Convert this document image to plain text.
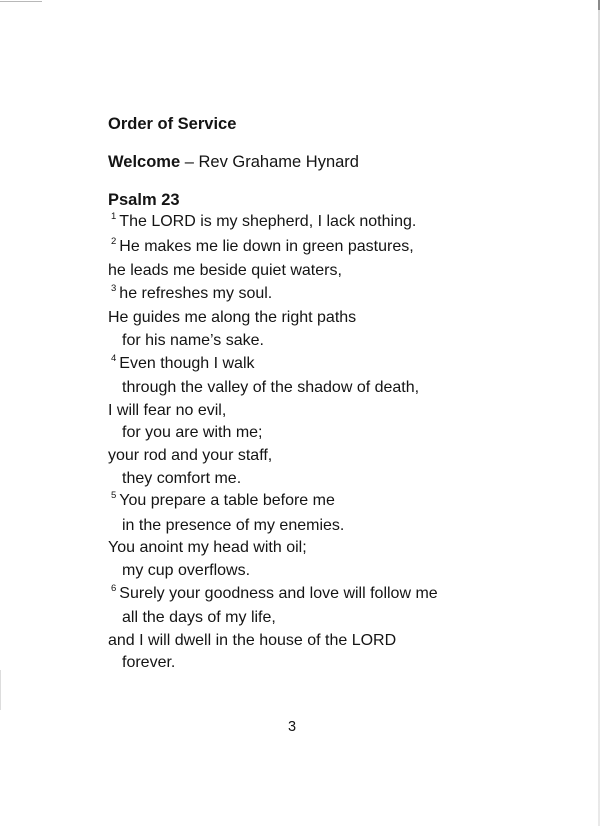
Order of Service
Welcome – Rev Grahame Hynard
Psalm 23
$^1$ The LORD is my shepherd, I lack nothing.
$^2$ He makes me lie down in green pastures,
he leads me beside quiet waters,
$^3$ he refreshes my soul.
He guides me along the right paths
for his name’s sake.
$^4$ Even though I walk
through the valley of the shadow of death,
I will fear no evil,
for you are with me;
your rod and your staff,
they comfort me.
$^5$ You prepare a table before me
in the presence of my enemies.
You anoint my head with oil;
my cup overflows.
$^6$ Surely your goodness and love will follow me
all the days of my life,
and I will dwell in the house of the LORD
forever.
3
